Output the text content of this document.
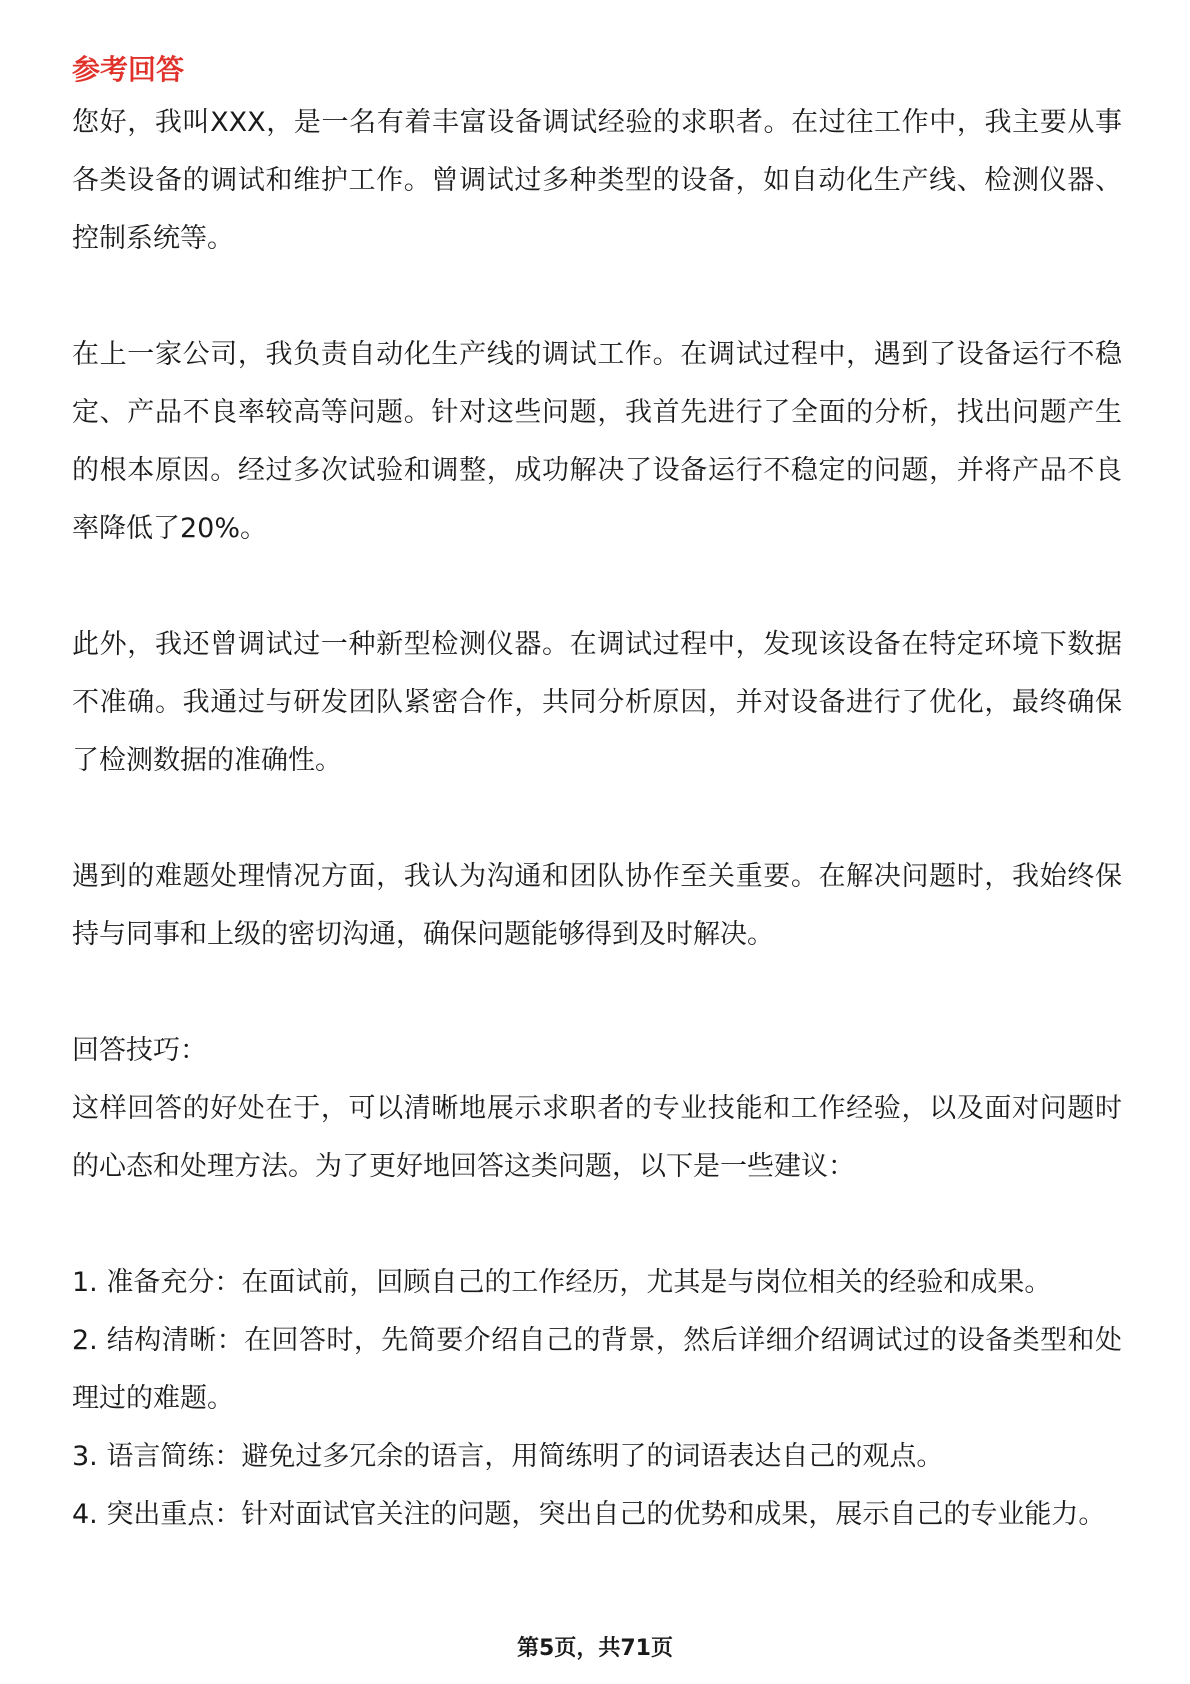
参考回答

您好，我叫XXX，是一名有着丰富设备调试经验的求职者。在过往工作中，我主要从事各类设备的调试和维护工作。曾调试过多种类型的设备，如自动化生产线、检测仪器、控制系统等。

在上一家公司，我负责自动化生产线的调试工作。在调试过程中，遇到了设备运行不稳定、产品不良率较高等问题。针对这些问题，我首先进行了全面的分析，找出问题产生的根本原因。经过多次试验和调整，成功解决了设备运行不稳定的问题，并将产品不良率降低了20%。

此外，我还曾调试过一种新型检测仪器。在调试过程中，发现该设备在特定环境下数据不准确。我通过与研发团队紧密合作，共同分析原因，并对设备进行了优化，最终确保了检测数据的准确性。

遇到的难题处理情况方面，我认为沟通和团队协作至关重要。在解决问题时，我始终保持与同事和上级的密切沟通，确保问题能够得到及时解决。

回答技巧：

这样回答的好处在于，可以清晰地展示求职者的专业技能和工作经验，以及面对问题时的心态和处理方法。为了更好地回答这类问题，以下是一些建议：

1. 准备充分：在面试前，回顾自己的工作经历，尤其是与岗位相关的经验和成果。

2. 结构清晰：在回答时，先简要介绍自己的背景，然后详细介绍调试过的设备类型和处理过的难题。

3. 语言简练：避免过多冗余的语言，用简练明了的词语表达自己的观点。

4. 突出重点：针对面试官关注的问题，突出自己的优势和成果，展示自己的专业能力。

第5页，共71页
